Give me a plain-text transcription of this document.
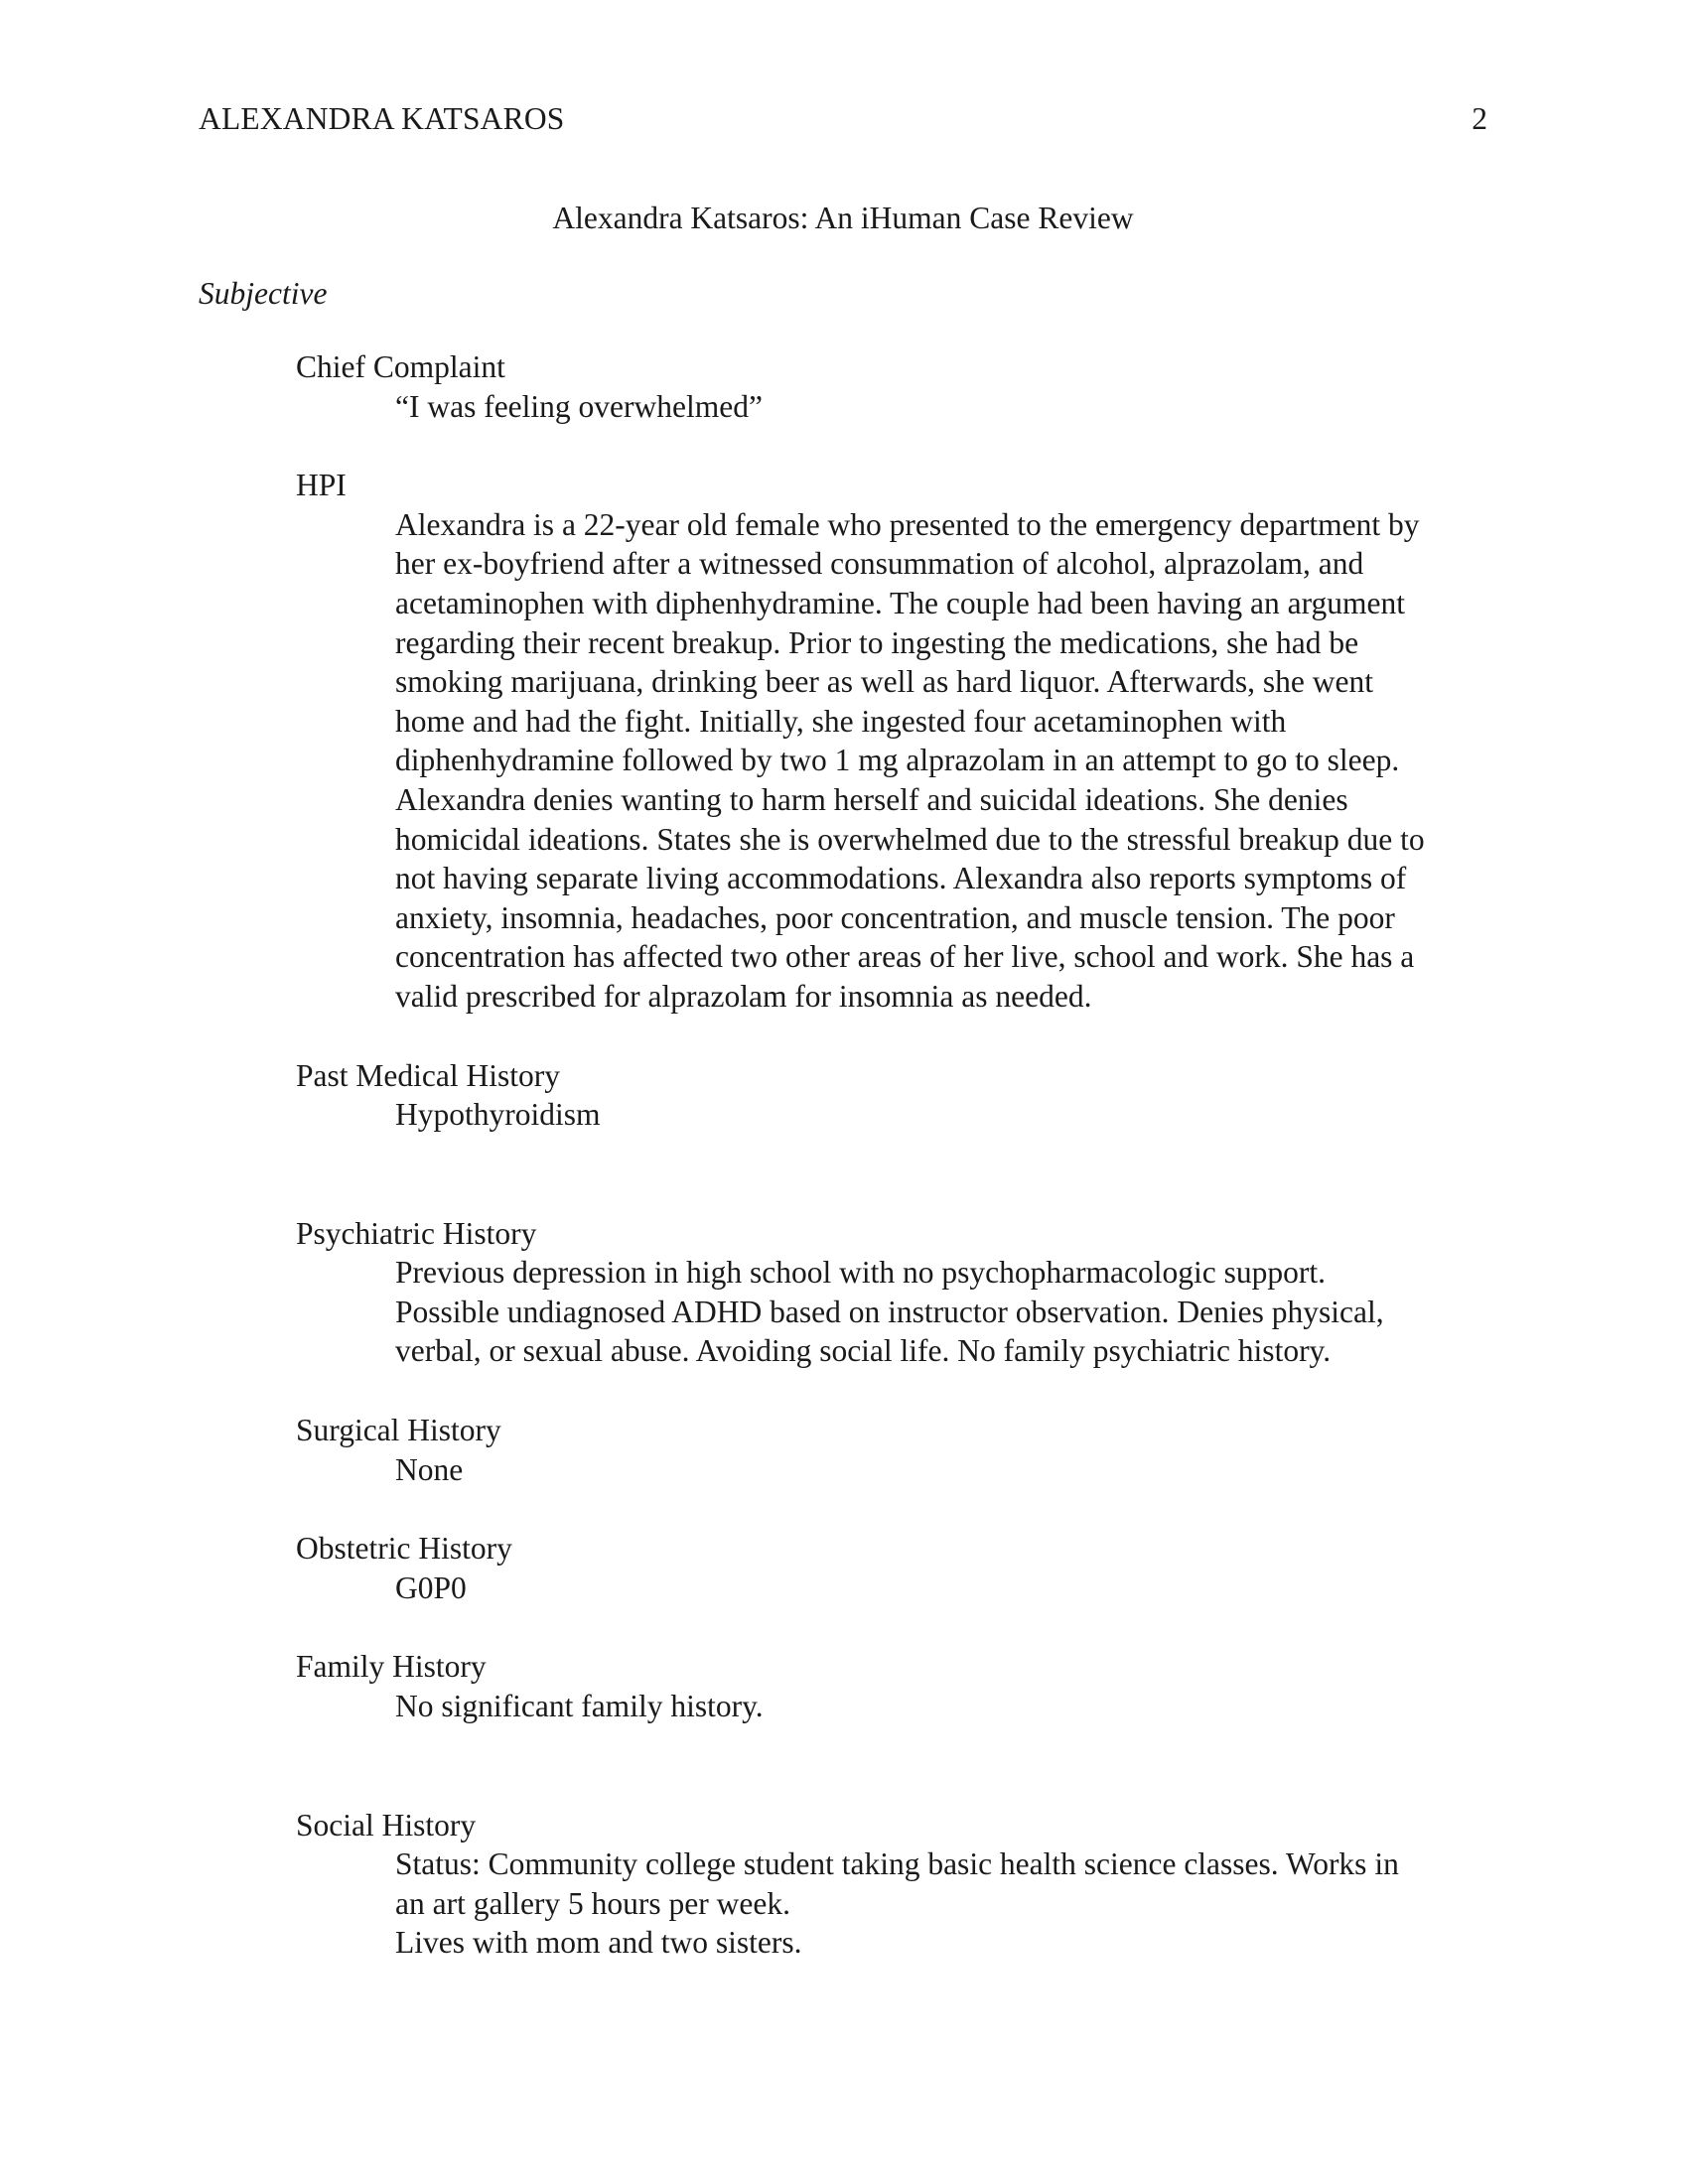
ALEXANDRA KATSAROS	2
Alexandra Katsaros: An iHuman Case Review
Subjective
Chief Complaint

“I was feeling overwhelmed”

HPI

Alexandra is a 22-year old female who presented to the emergency department by

her ex-boyfriend after a witnessed consummation of alcohol, alprazolam, and

acetaminophen with diphenhydramine. The couple had been having an argument

regarding their recent breakup. Prior to ingesting the medications, she had be

smoking marijuana, drinking beer as well as hard liquor. Afterwards, she went

home and had the fight. Initially, she ingested four acetaminophen with

diphenhydramine followed by two 1 mg alprazolam in an attempt to go to sleep.

Alexandra denies wanting to harm herself and suicidal ideations. She denies

homicidal ideations. States she is overwhelmed due to the stressful breakup due to

not having separate living accommodations. Alexandra also reports symptoms of

anxiety, insomnia, headaches, poor concentration, and muscle tension. The poor

concentration has affected two other areas of her live, school and work. She has a

valid prescribed for alprazolam for insomnia as needed.

Past Medical History

Hypothyroidism

Psychiatric History

Previous depression in high school with no psychopharmacologic support.

Possible undiagnosed ADHD based on instructor observation. Denies physical,

verbal, or sexual abuse. Avoiding social life. No family psychiatric history.

Surgical History

None

Obstetric History

G0P0

Family History

No significant family history.

Social History

Status: Community college student taking basic health science classes. Works in

an art gallery 5 hours per week.

Lives with mom and two sisters.
